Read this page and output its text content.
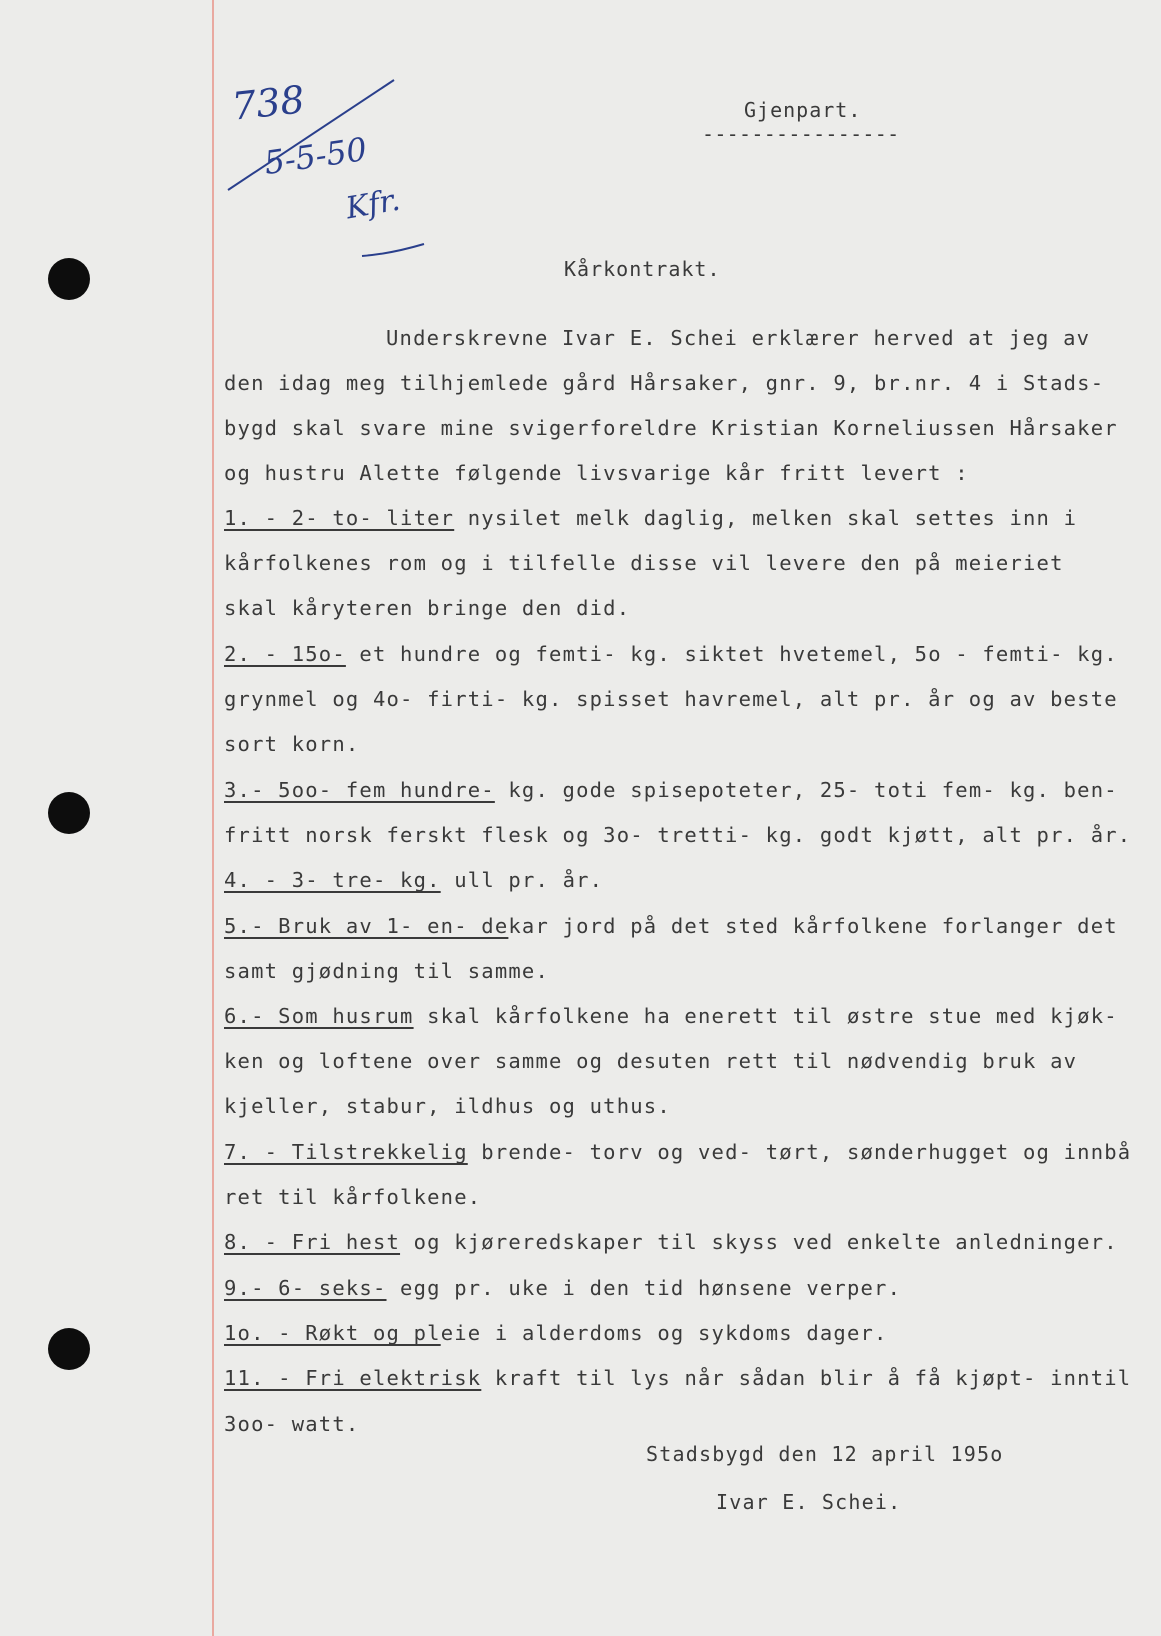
738
5-5-50
Kfr.
Gjenpart.
----------------
Kårkontrakt.
Underskrevne Ivar E. Schei erklærer herved at jeg av
den idag meg tilhjemlede gård Hårsaker, gnr. 9, br.nr. 4 i Stads-
bygd skal svare mine svigerforeldre Kristian Korneliussen Hårsaker
og hustru Alette følgende livsvarige kår fritt levert :
1. - 2- to- liter nysilet melk daglig, melken skal settes inn i
kårfolkenes rom og i tilfelle disse vil levere den på meieriet
skal kåryteren bringe den did.
2. - 15o- et hundre og femti- kg. siktet hvetemel, 5o - femti- kg.
grynmel og 4o- firti- kg. spisset havremel, alt pr. år og av beste
sort korn.
3.- 5oo- fem hundre- kg. gode spisepoteter, 25- toti fem- kg. ben-
fritt norsk ferskt flesk og 3o- tretti- kg. godt kjøtt, alt pr. år.
4. - 3- tre- kg. ull pr. år.
5.- Bruk av 1- en- dekar jord på det sted kårfolkene forlanger det
samt gjødning til samme.
6.- Som husrum skal kårfolkene ha enerett til østre stue med kjøk-
ken og loftene over samme og desuten rett til nødvendig bruk av
kjeller, stabur, ildhus og uthus.
7. - Tilstrekkelig brende- torv og ved- tørt, sønderhugget og innbå
ret til kårfolkene.
8. - Fri hest og kjøreredskaper til skyss ved enkelte anledninger.
9.- 6- seks- egg pr. uke i den tid hønsene verper.
1o. - Røkt og pleie i alderdoms og sykdoms dager.
11. - Fri elektrisk kraft til lys når sådan blir å få kjøpt- inntil
3oo- watt.
Stadsbygd den 12 april 195o
Ivar E. Schei.
